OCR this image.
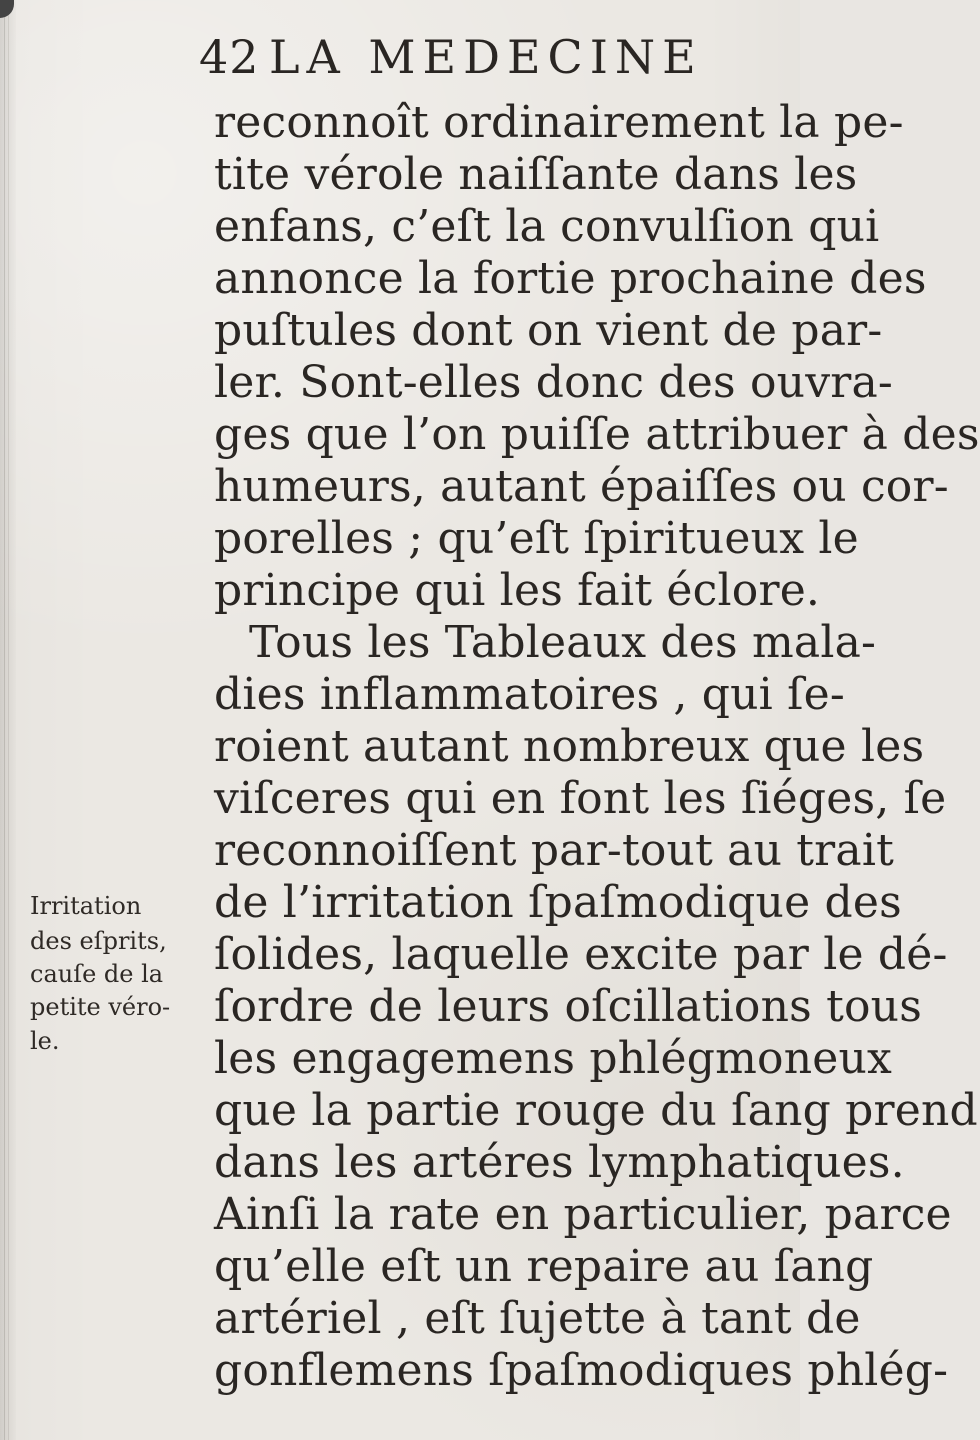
42 LA MEDECINE
reconnoît ordinairement la pe-
tite vérole naiſſante dans les
enfans, c’eſt la convulſion qui
annonce la fortie prochaine des
puſtules dont on vient de par-
ler. Sont-elles donc des ouvra-
ges que l’on puiſſe attribuer à des
humeurs, autant épaiſſes ou cor-
porelles ; qu’eſt ſpiritueux le
principe qui les fait éclore.
Tous les Tableaux des mala-
dies inflammatoires , qui ſe-
roient autant nombreux que les
viſceres qui en font les ſiéges, ſe
reconnoiſſent par-tout au trait
de l’irritation ſpaſmodique des
ſolides, laquelle excite par le dé-
ſordre de leurs oſcillations tous
les engagemens phlégmoneux
que la partie rouge du ſang prend
dans les artéres lymphatiques.
Ainſi la rate en particulier, parce
qu’elle eſt un repaire au ſang
artériel , eſt ſujette à tant de
gonflemens ſpaſmodiques phlég-
Irritation
des eſprits,
cauſe de la
petite véro-
le.
